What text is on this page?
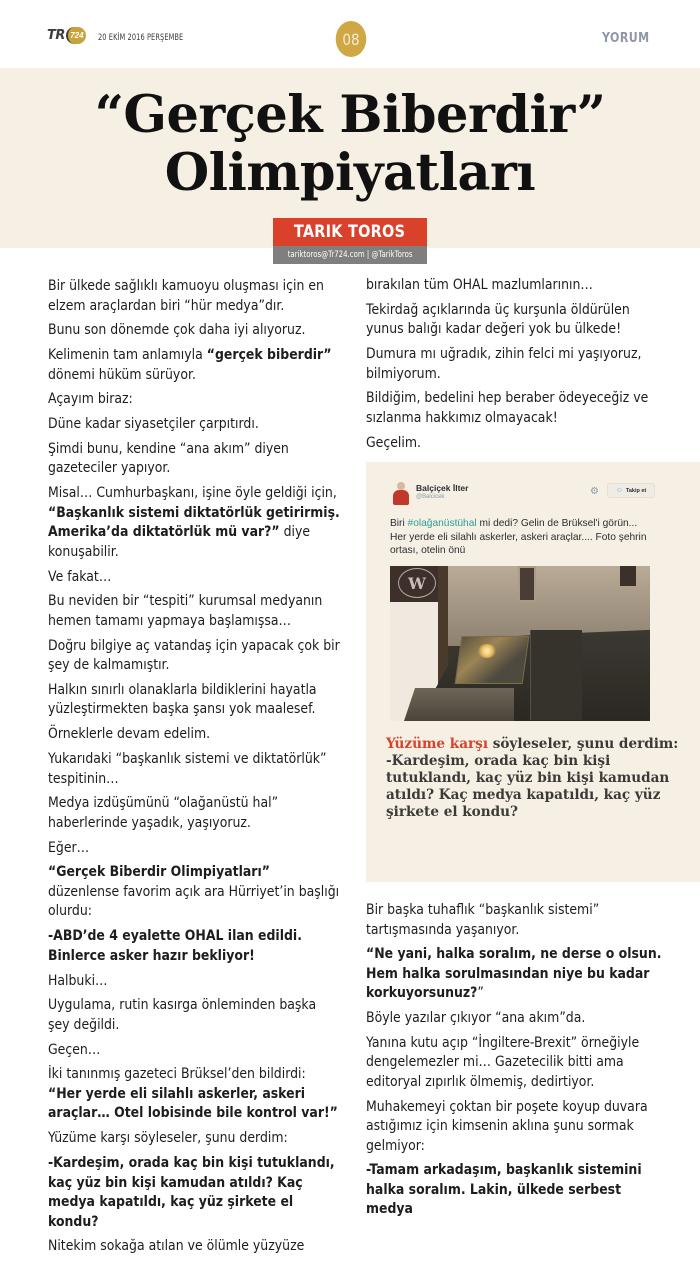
TR 724 20 EKİM 2016 PERŞEMBE	08	YORUM
“Gerçek Biberdir”
Olimpiyatları
TARIK TOROS
tariktoros@Tr724.com | @TarikToros

Bir ülkede sağlıklı kamuoyu oluşması için en elzem araçlardan biri “hür medya”dır.

Bunu son dönemde çok daha iyi alıyoruz.

Kelimenin tam anlamıyla “gerçek biberdir” dönemi hüküm sürüyor.

Açayım biraz:

Düne kadar siyasetçiler çarpıtırdı.

Şimdi bunu, kendine “ana akım” diyen gazeteciler yapıyor.

Misal… Cumhurbaşkanı, işine öyle geldiği için, “Başkanlık sistemi diktatörlük getirirmiş. Amerika’da diktatörlük mü var?” diye konuşabilir.

Ve fakat…

Bu neviden bir “tespiti” kurumsal medyanın hemen tamamı yapmaya başlamışsa…

Doğru bilgiye aç vatandaş için yapacak çok bir şey de kalmamıştır.

Halkın sınırlı olanaklarla bildiklerini hayatla yüzleştirmekten başka şansı yok maalesef.

Örneklerle devam edelim.

Yukarıdaki “başkanlık sistemi ve diktatörlük” tespitinin…

Medya izdüşümünü “olağanüstü hal” haberlerinde yaşadık, yaşıyoruz.

Eğer…

“Gerçek Biberdir Olimpiyatları” düzenlense favorim açık ara Hürriyet’in başlığı olurdu:

-ABD’de 4 eyalette OHAL ilan edildi. Binlerce asker hazır bekliyor!

Halbuki…

Uygulama, rutin kasırga önleminden başka şey değildi.

Geçen…

İki tanınmış gazeteci Brüksel’den bildirdi: “Her yerde eli silahlı askerler, askeri araçlar… Otel lobisinde bile kontrol var!”

Yüzüme karşı söyleseler, şunu derdim:

-Kardeşim, orada kaç bin kişi tutuklandı, kaç yüz bin kişi kamudan atıldı? Kaç medya kapatıldı, kaç yüz şirkete el kondu?

Nitekim sokağa atılan ve ölümle yüzyüze

bırakılan tüm OHAL mazlumlarının…

Tekirdağ açıklarında üç kurşunla öldürülen yunus balığı kadar değeri yok bu ülkede!

Dumura mı uğradık, zihin felci mi yaşıyoruz, bilmiyorum.

Bildiğim, bedelini hep beraber ödeyeceğiz ve sızlanma hakkımız olmayacak!

Geçelim.

Balçiçek İlter
@Balcicek	⚙ ☺ Takip et
Biri #olağanüstühal mi dedi? Gelin de Brüksel'i görün... Her yerde eli silahlı askerler, askeri araçlar.... Foto şehrin ortası, otelin önü
W
Yüzüme karşı söyleseler, şunu derdim:
-Kardeşim, orada kaç bin kişi tutuklandı, kaç yüz bin kişi kamudan atıldı? Kaç medya kapatıldı, kaç yüz şirkete el kondu?

Bir başka tuhaflık “başkanlık sistemi” tartışmasında yaşanıyor.

“Ne yani, halka soralım, ne derse o olsun. Hem halka sorulmasından niye bu kadar korkuyorsunuz?”

Böyle yazılar çıkıyor “ana akım”da.

Yanına kutu açıp “İngiltere-Brexit” örneğiyle dengelemezler mi… Gazetecilik bitti ama editoryal zıpırlık ölmemiş, dedirtiyor.

Muhakemeyi çoktan bir poşete koyup duvara astığımız için kimsenin aklına şunu sormak gelmiyor:

-Tamam arkadaşım, başkanlık sistemini halka soralım. Lakin, ülkede serbest medya
